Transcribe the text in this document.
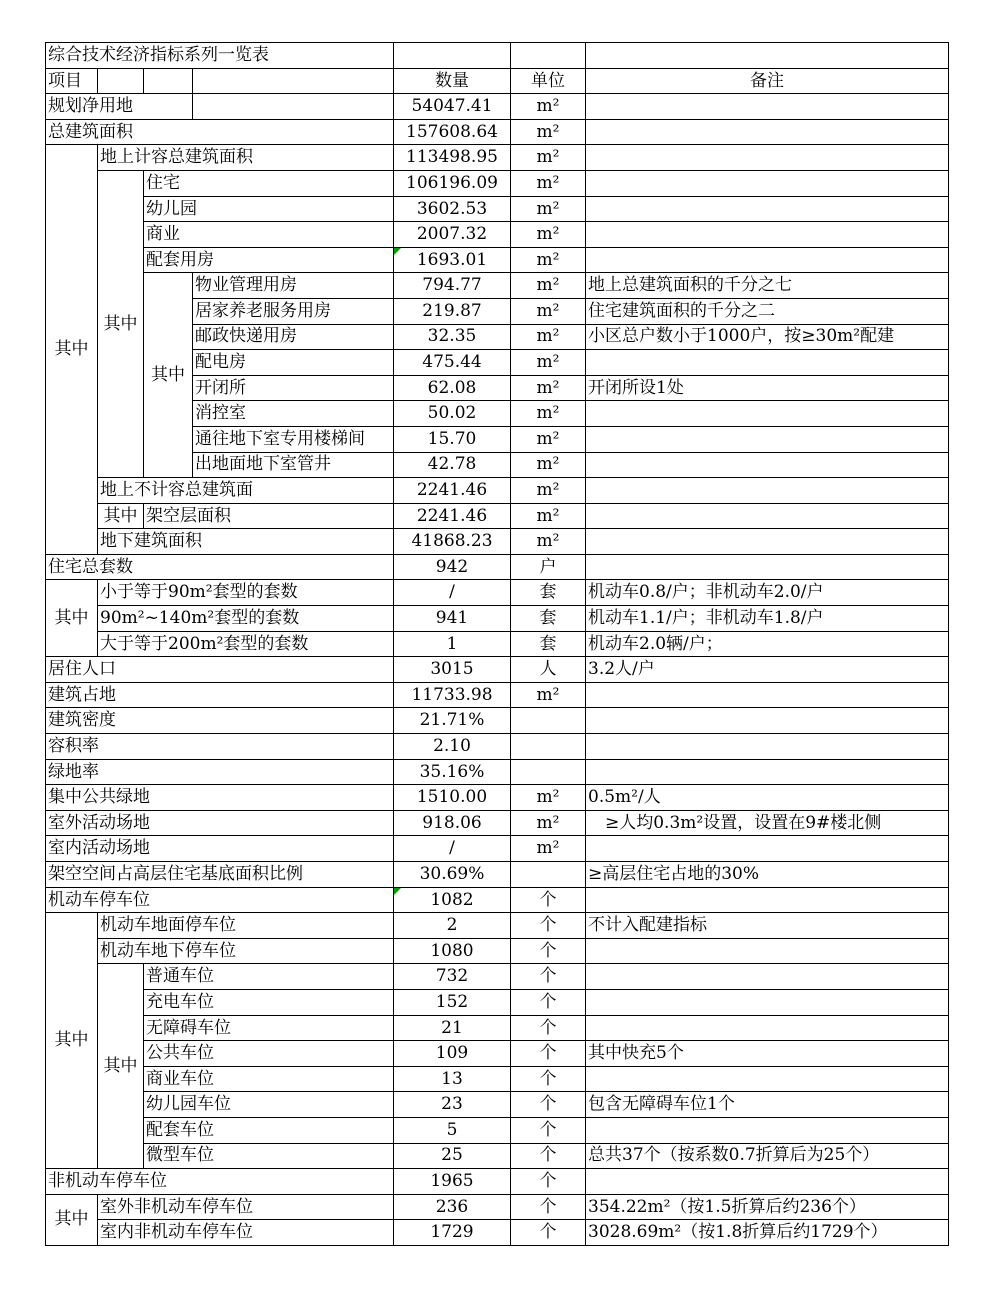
综合技术经济指标系列一览表						
项目				数量	单位	备注
规划净用地				54047.41	m²	
总建筑面积				157608.64	m²	
其中	地上计容总建筑面积			113498.95	m²	
	其中	住宅		106196.09	m²	
		幼儿园		3602.53	m²	
		商业		2007.32	m²	
		配套用房		1693.01	m²	
		其中	物业管理用房	794.77	m²	地上总建筑面积的千分之七
			居家养老服务用房	219.87	m²	住宅建筑面积的千分之二
			邮政快递用房	32.35	m²	小区总户数小于1000户，按≥30m²配建
			配电房	475.44	m²	
			开闭所	62.08	m²	开闭所设1处
			消控室	50.02	m²	
			通往地下室专用楼梯间	15.70	m²	
			出地面地下室管井	42.78	m²	
	地上不计容总建筑面			2241.46	m²	
	其中	架空层面积		2241.46	m²	
	地下建筑面积			41868.23	m²	
住宅总套数				942	户	
其中	小于等于90m²套型的套数			/	套	机动车0.8/户；非机动车2.0/户
	90m²~140m²套型的套数			941	套	机动车1.1/户；非机动车1.8/户
	大于等于200m²套型的套数			1	套	机动车2.0辆/户；
居住人口				3015	人	3.2人/户
建筑占地				11733.98	m²	
建筑密度				21.71%		
容积率				2.10		
绿地率				35.16%		
集中公共绿地				1510.00	m²	0.5m²/人
室外活动场地				918.06	m²	　≥人均0.3m²设置，设置在9#楼北侧
室内活动场地				/	m²	
架空空间占高层住宅基底面积比例				30.69%		≥高层住宅占地的30%
机动车停车位				1082	个	
其中	机动车地面停车位			2	个	不计入配建指标
	机动车地下停车位			1080	个	
	其中	普通车位		732	个	
		充电车位		152	个	
		无障碍车位		21	个	
		公共车位		109	个	其中快充5个
		商业车位		13	个	
		幼儿园车位		23	个	包含无障碍车位1个
		配套车位		5	个	
		微型车位		25	个	总共37个（按系数0.7折算后为25个）
非机动车停车位				1965	个	
其中	室外非机动车停车位			236	个	354.22m²（按1.5折算后约236个）
	室内非机动车停车位			1729	个	3028.69m²（按1.8折算后约1729个）
